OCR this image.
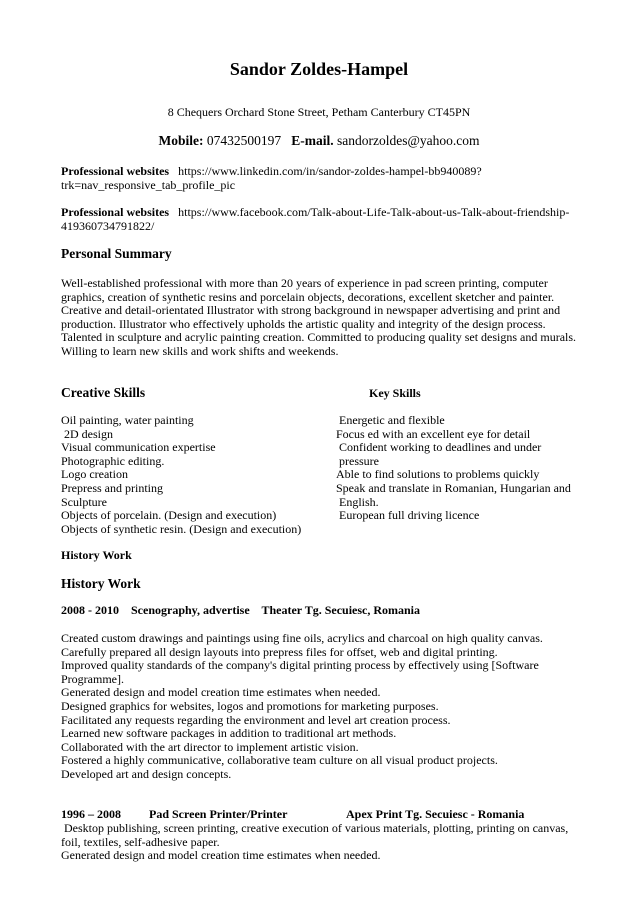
Sandor Zoldes-Hampel
8 Chequers Orchard Stone Street, Petham Canterbury CT45PN
Mobile: 07432500197 E-mail. sandorzoldes@yahoo.com
Professional websites https://www.linkedin.com/in/sandor-zoldes-hampel-bb940089?
trk=nav_responsive_tab_profile_pic
Professional websites https://www.facebook.com/Talk-about-Life-Talk-about-us-Talk-about-friendship-
419360734791822/
Personal Summary
Well-established professional with more than 20 years of experience in pad screen printing, computer
graphics, creation of synthetic resins and porcelain objects, decorations, excellent sketcher and painter.
Creative and detail-orientated Illustrator with strong background in newspaper advertising and print and
production. Illustrator who effectively upholds the artistic quality and integrity of the design process.
Talented in sculpture and acrylic painting creation. Committed to producing quality set designs and murals.
Willing to learn new skills and work shifts and weekends.
Creative Skills	Key Skills
Oil painting, water painting
2D design
Visual communication expertise
Photographic editing.
Logo creation
Prepress and printing
Sculpture
Objects of porcelain. (Design and execution)
Objects of synthetic resin. (Design and execution)
Energetic and flexible
Focus ed with an excellent eye for detail
Confident working to deadlines and under
pressure
Able to find solutions to problems quickly
Speak and translate in Romanian, Hungarian and
English.
European full driving licence
History Work
History Work
2008 - 2010 Scenography, advertise Theater Tg. Secuiesc, Romania
Created custom drawings and paintings using fine oils, acrylics and charcoal on high quality canvas.
Carefully prepared all design layouts into prepress files for offset, web and digital printing.
Improved quality standards of the company's digital printing process by effectively using [Software
Programme].
Generated design and model creation time estimates when needed.
Designed graphics for websites, logos and promotions for marketing purposes.
Facilitated any requests regarding the environment and level art creation process.
Learned new software packages in addition to traditional art methods.
Collaborated with the art director to implement artistic vision.
Fostered a highly communicative, collaborative team culture on all visual product projects.
Developed art and design concepts.
1996 – 2008 Pad Screen Printer/Printer	Apex Print Tg. Secuiesc - Romania
Desktop publishing, screen printing, creative execution of various materials, plotting, printing on canvas,
foil, textiles, self-adhesive paper.
Generated design and model creation time estimates when needed.
